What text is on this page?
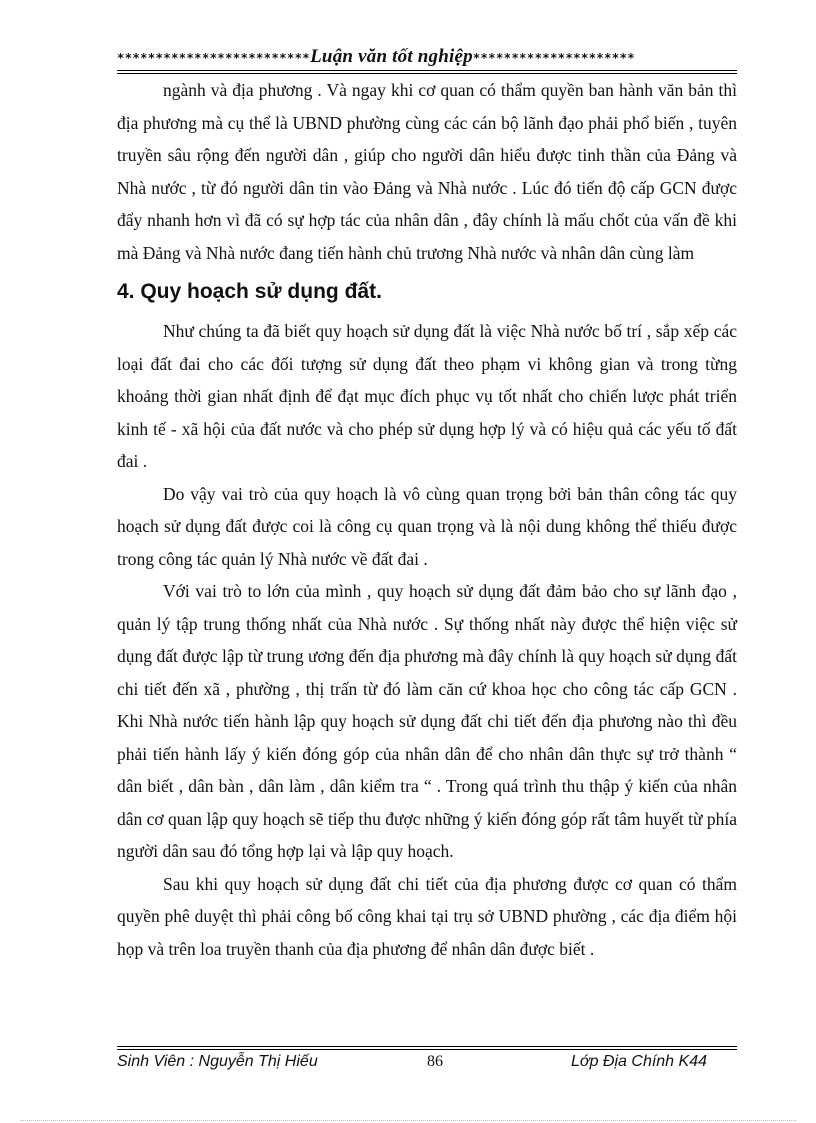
*************************Luận văn tốt nghiệp*********************

ngành và địa phương . Và ngay khi cơ quan có thẩm quyền ban hành văn bản thì địa phương mà cụ thể là UBND phường cùng các cán bộ lãnh đạo phải phổ biến , tuyên truyền sâu rộng đến người dân , giúp cho người dân hiểu được tinh thần của Đảng và Nhà nước , từ đó người dân tin vào Đảng và Nhà nước . Lúc đó tiến độ cấp GCN được đẩy nhanh hơn vì đã có sự hợp tác của nhân dân , đây chính là mấu chốt của vấn đề khi mà Đảng và Nhà nước đang tiến hành chủ trương Nhà nước và nhân dân cùng làm

4. Quy hoạch sử dụng đất.

Như chúng ta đã biết quy hoạch sử dụng đất là việc Nhà nước bố trí , sắp xếp các loại đất đai cho các đối tượng sử dụng đất theo phạm vi không gian và trong từng khoảng thời gian nhất định để đạt mục đích phục vụ tốt nhất cho chiến lược phát triển kinh tế - xã hội của đất nước và cho phép sử dụng hợp lý và có hiệu quả các yếu tố đất đai .

Do vậy vai trò của quy hoạch là vô cùng quan trọng bởi bản thân công tác quy hoạch sử dụng đất được coi là công cụ quan trọng và là nội dung không thể thiếu được trong công tác quản lý Nhà nước về đất đai .

Với vai trò to lớn của mình , quy hoạch sử dụng đất đảm bảo cho sự lãnh đạo , quản lý tập trung thống nhất của Nhà nước . Sự thống nhất này được thể hiện việc sử dụng đất được lập từ trung ương đến địa phương mà đây chính là quy hoạch sử dụng đất chi tiết đến xã , phường , thị trấn từ đó làm căn cứ khoa học cho công tác cấp GCN . Khi Nhà nước tiến hành lập quy hoạch sử dụng đất chi tiết đến địa phương nào thì đều phải tiến hành lấy ý kiến đóng góp của nhân dân để cho nhân dân thực sự trở thành “ dân biết , dân bàn , dân làm , dân kiểm tra “ . Trong quá trình thu thập ý kiến của nhân dân cơ quan lập quy hoạch sẽ tiếp thu được những ý kiến đóng góp rất tâm huyết từ phía người dân sau đó tổng hợp lại và lập quy hoạch.

Sau khi quy hoạch sử dụng đất chi tiết của địa phương được cơ quan có thẩm quyền phê duyệt thì phải công bố công khai tại trụ sở UBND phường , các địa điểm hội họp và trên loa truyền thanh của địa phương để nhân dân được biết .

Sinh Viên : Nguyễn Thị Hiếu	86	Lớp Địa Chính K44
